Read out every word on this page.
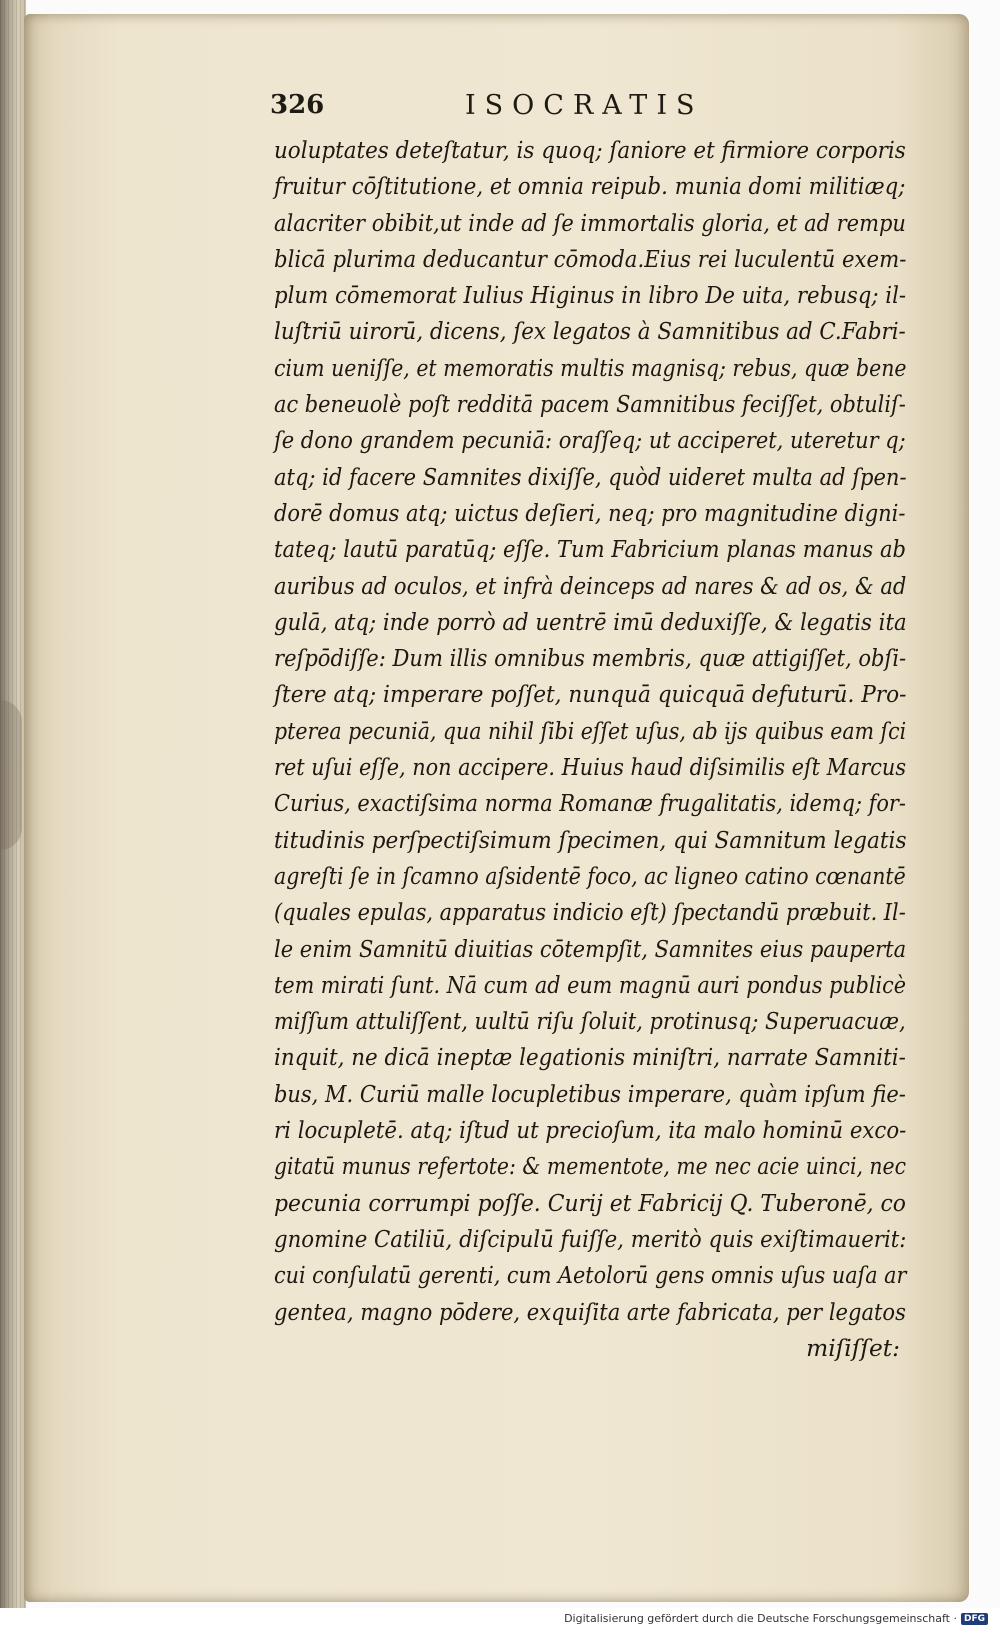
326	ISOCRATIS
uoluptates deteſtatur, is quoq; ſaniore et firmiore corporis
fruitur cōſtitutione, et omnia reipub. munia domi militiæq;
alacriter obibit,ut inde ad ſe immortalis gloria, et ad rempu
blicā plurima deducantur cōmoda.Eius rei luculentū exem-
plum cōmemorat Iulius Higinus in libro De uita, rebusq; il-
luſtriū uirorū, dicens, ſex legatos à Samnitibus ad C.Fabri-
cium ueniſſe, et memoratis multis magnisq; rebus, quæ bene
ac beneuolè poſt redditā pacem Samnitibus feciſſet, obtuliſ-
ſe dono grandem pecuniā: oraſſeq; ut acciperet, uteretur q;
atq; id facere Samnites dixiſſe, quòd uideret multa ad ſpen-
dorē domus atq; uictus deſieri, neq; pro magnitudine digni-
tateq; lautū paratūq; eſſe. Tum Fabricium planas manus ab
auribus ad oculos, et infrà deinceps ad nares & ad os, & ad
gulā, atq; inde porrò ad uentrē imū deduxiſſe, & legatis ita
reſpōdiſſe: Dum illis omnibus membris, quæ attigiſſet, obſi-
ſtere atq; imperare poſſet, nunquā quicquā defuturū. Pro-
pterea pecuniā, qua nihil ſibi eſſet uſus, ab ijs quibus eam ſci
ret uſui eſſe, non accipere. Huius haud diſsimilis eſt Marcus
Curius, exactiſsima norma Romanæ frugalitatis, idemq; for-
titudinis perſpectiſsimum ſpecimen, qui Samnitum legatis
agreſti ſe in ſcamno aſsidentē foco, ac ligneo catino cœnantē
(quales epulas, apparatus indicio eſt) ſpectandū præbuit. Il-
le enim Samnitū diuitias cōtempſit, Samnites eius pauperta
tem mirati ſunt. Nā cum ad eum magnū auri pondus publicè
miſſum attuliſſent, uultū riſu ſoluit, protinusq; Superuacuæ,
inquit, ne dicā ineptæ legationis miniſtri, narrate Samniti-
bus, M. Curiū malle locupletibus imperare, quàm ipſum fie-
ri locupletē. atq; iſtud ut precioſum, ita malo hominū exco-
gitatū munus refertote: & mementote, me nec acie uinci, nec
pecunia corrumpi poſſe. Curij et Fabricij Q. Tuberonē, co
gnomine Catiliū, diſcipulū fuiſſe, meritò quis exiſtimauerit:
cui conſulatū gerenti, cum Aetolorū gens omnis uſus uaſa ar
gentea, magno pōdere, exquiſita arte fabricata, per legatos
miſiſſet:
Digitalisierung gefördert durch die Deutsche Forschungsgemeinschaft · DFG
